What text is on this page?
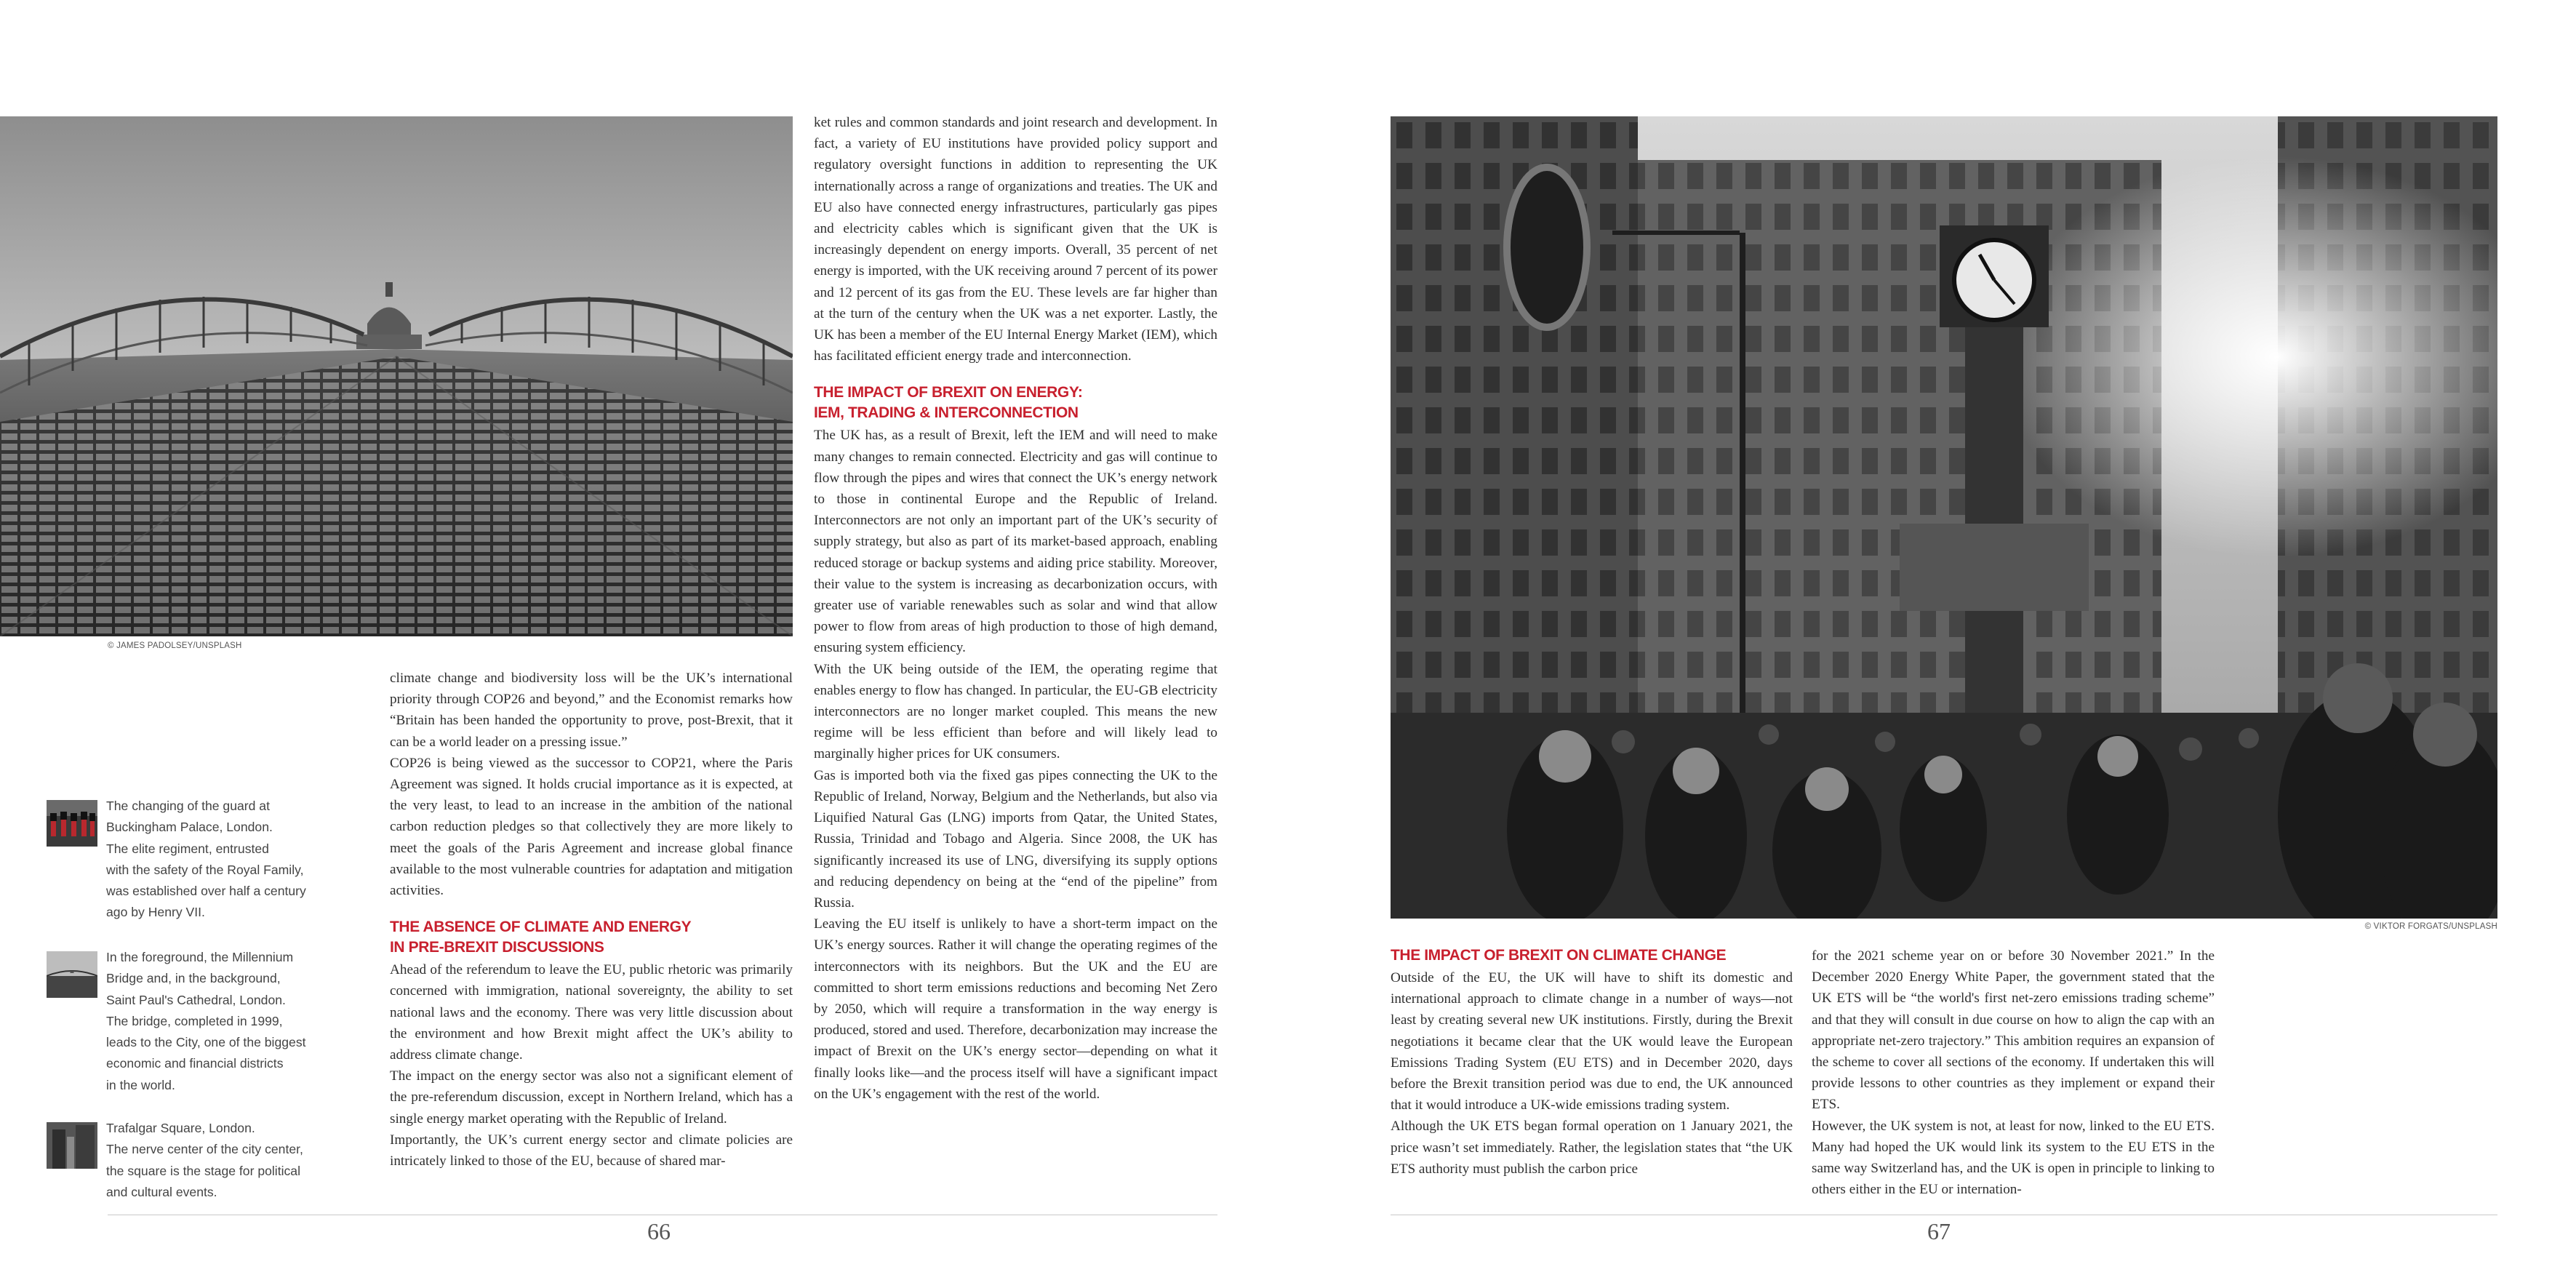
© JAMES PADOLSEY/UNSPLASH
The changing of the guard at
Buckingham Palace, London.
The elite regiment, entrusted
with the safety of the Royal Family,
was established over half a century
ago by Henry VII.
In the foreground, the Millennium
Bridge and, in the background,
Saint Paul's Cathedral, London.
The bridge, completed in 1999,
leads to the City, one of the biggest
economic and financial districts
in the world.
Trafalgar Square, London.
The nerve center of the city center,
the square is the stage for political
and cultural events.

climate change and biodiversity loss will be the UK’s international priority through COP26 and beyond,” and the Economist remarks how “Britain has been handed the opportunity to prove, post-Brexit, that it can be a world leader on a pressing issue.”

COP26 is being viewed as the successor to COP21, where the Paris Agreement was signed. It holds crucial importance as it is expected, at the very least, to lead to an increase in the ambition of the national carbon reduction pledges so that collectively they are more likely to meet the goals of the Paris Agreement and increase global finance available to the most vulnerable countries for adaptation and mitigation activities.

THE ABSENCE OF CLIMATE AND ENERGY
IN PRE-BREXIT DISCUSSIONS

Ahead of the referendum to leave the EU, public rhetoric was primarily concerned with immigration, national sovereignty, the ability to set national laws and the economy. There was very little discussion about the environment and how Brexit might affect the UK’s ability to address climate change.

The impact on the energy sector was also not a significant element of the pre-referendum discussion, except in Northern Ireland, which has a single energy market operating with the Republic of Ireland.

Importantly, the UK’s current energy sector and climate policies are intricately linked to those of the EU, because of shared mar-

ket rules and common standards and joint research and development. In fact, a variety of EU institutions have provided policy support and regulatory oversight functions in addition to representing the UK internationally across a range of organizations and treaties. The UK and EU also have connected energy infrastructures, particularly gas pipes and electricity cables which is significant given that the UK is increasingly dependent on energy imports. Overall, 35 percent of net energy is imported, with the UK receiving around 7 percent of its power and 12 percent of its gas from the EU. These levels are far higher than at the turn of the century when the UK was a net exporter. Lastly, the UK has been a member of the EU Internal Energy Market (IEM), which has facilitated efficient energy trade and interconnection.

THE IMPACT OF BREXIT ON ENERGY:
IEM, TRADING & INTERCONNECTION

The UK has, as a result of Brexit, left the IEM and will need to make many changes to remain connected. Electricity and gas will continue to flow through the pipes and wires that connect the UK’s energy network to those in continental Europe and the Republic of Ireland. Interconnectors are not only an important part of the UK’s security of supply strategy, but also as part of its market-based approach, enabling reduced storage or backup systems and aiding price stability. Moreover, their value to the system is increasing as decarbonization occurs, with greater use of variable renewables such as solar and wind that allow power to flow from areas of high production to those of high demand, ensuring system efficiency.

With the UK being outside of the IEM, the operating regime that enables energy to flow has changed. In particular, the EU-GB electricity interconnectors are no longer market coupled. This means the new regime will be less efficient than before and will likely lead to marginally higher prices for UK consumers.

Gas is imported both via the fixed gas pipes connecting the UK to the Republic of Ireland, Norway, Belgium and the Netherlands, but also via Liquified Natural Gas (LNG) imports from Qatar, the United States, Russia, Trinidad and Tobago and Algeria. Since 2008, the UK has significantly increased its use of LNG, diversifying its supply options and reducing dependency on being at the “end of the pipeline” from Russia.

Leaving the EU itself is unlikely to have a short-term impact on the UK’s energy sources. Rather it will change the operating regimes of the interconnectors with its neighbors. But the UK and the EU are committed to short term emissions reductions and becoming Net Zero by 2050, which will require a transformation in the way energy is produced, stored and used. Therefore, decarbonization may increase the impact of Brexit on the UK’s energy sector—depending on what it finally looks like—and the process itself will have a significant impact on the UK’s engagement with the rest of the world.

© VIKTOR FORGATS/UNSPLASH
THE IMPACT OF BREXIT ON CLIMATE CHANGE

Outside of the EU, the UK will have to shift its domestic and international approach to climate change in a number of ways—not least by creating several new UK institutions. Firstly, during the Brexit negotiations it became clear that the UK would leave the European Emissions Trading System (EU ETS) and in December 2020, days before the Brexit transition period was due to end, the UK announced that it would introduce a UK-wide emissions trading system.

Although the UK ETS began formal operation on 1 January 2021, the price wasn’t set immediately. Rather, the legislation states that “the UK ETS authority must publish the carbon price

for the 2021 scheme year on or before 30 November 2021.” In the December 2020 Energy White Paper, the government stated that the UK ETS will be “the world's first net-zero emissions trading scheme” and that they will consult in due course on how to align the cap with an appropriate net-zero trajectory.” This ambition requires an expansion of the scheme to cover all sections of the economy. If undertaken this will provide lessons to other countries as they implement or expand their ETS.

However, the UK system is not, at least for now, linked to the EU ETS. Many had hoped the UK would link its system to the EU ETS in the same way Switzerland has, and the UK is open in principle to linking to others either in the EU or internation-

66	67
